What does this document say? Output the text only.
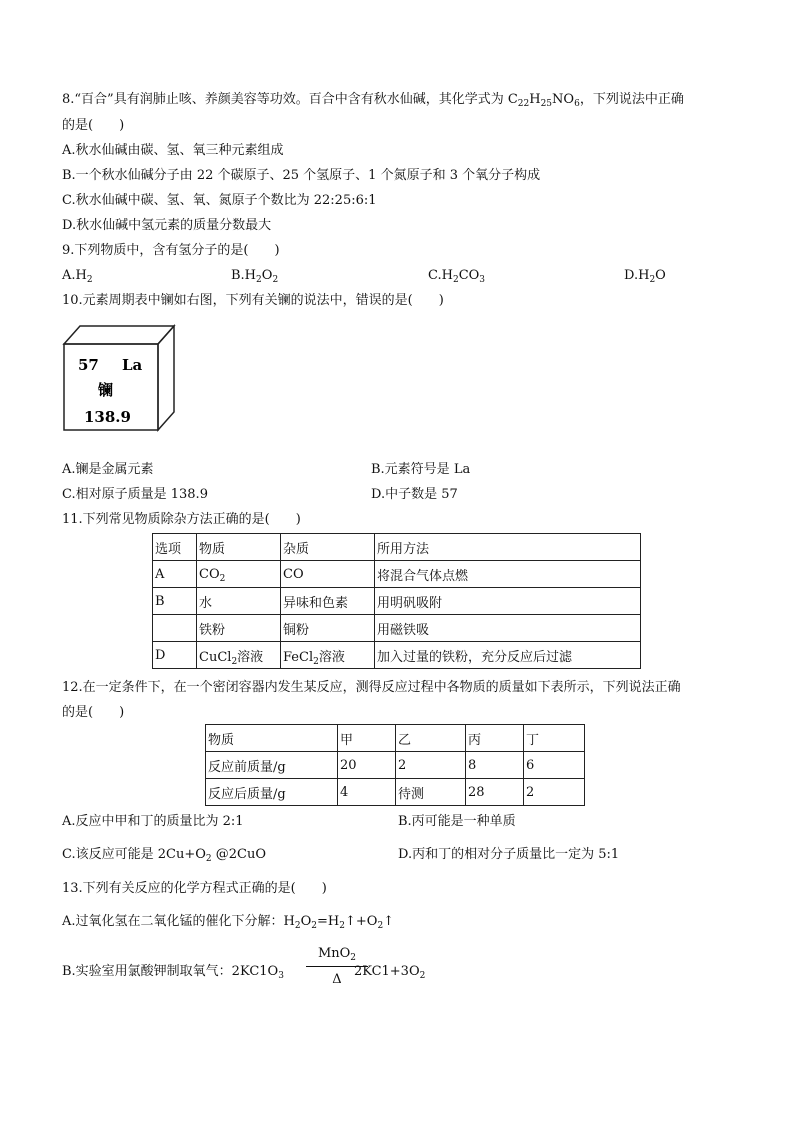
8.“百合”具有润肺止咳、养颜美容等功效。百合中含有秋水仙碱，其化学式为 $C_{22}H_{25}NO_6$，下列说法中正确
的是(　　)
A.秋水仙碱由碳、氢、氧三种元素组成
B.一个秋水仙碱分子由 22 个碳原子、25 个氢原子、1 个氮原子和 3 个氧分子构成
C.秋水仙碱中碳、氢、氧、氮原子个数比为 22:25:6:1
D.秋水仙碱中氢元素的质量分数最大
9.下列物质中，含有氢分子的是(　　)
$A.H_2$	$B.H_2O_2$	$C.H_2CO_3$	$D.H_2O$
10.元素周期表中镧如右图，下列有关镧的说法中，错误的是(　　)
57 La
镧
138.9
A.镧是金属元素	B.元素符号是 La
C.相对原子质量是 138.9	D.中子数是 57
11.下列常见物质除杂方法正确的是(　　)
选项	物质	杂质	所用方法
A	$CO_2$	CO	将混合气体点燃
B	水	异味和色素	用明矾吸附
	铁粉	铜粉	用磁铁吸
D	CuCl$_2$溶液	FeCl$_2$溶液	加入过量的铁粉，充分反应后过滤
12.在一定条件下，在一个密闭容器内发生某反应，测得反应过程中各物质的质量如下表所示，下列说法正确
的是(　　)
物质	甲	乙	丙	丁
反应前质量/g	20	2	8	6
反应后质量/g	4	待测	28	2
A.反应中甲和丁的质量比为 2:1	B.丙可能是一种单质
C.该反应可能是 $2Cu+O_2$ @2CuO	D.丙和丁的相对分子质量比一定为 5:1
13.下列有关反应的化学方程式正确的是(　　)
A.过氧化氢在二氧化锰的催化下分解：$H_2O_2=H_2↑+O_2↑$
B.实验室用氯酸钾制取氧气：$2KC1O_3$	$2KC1+3O_2$
MnO$_2$
Δ
